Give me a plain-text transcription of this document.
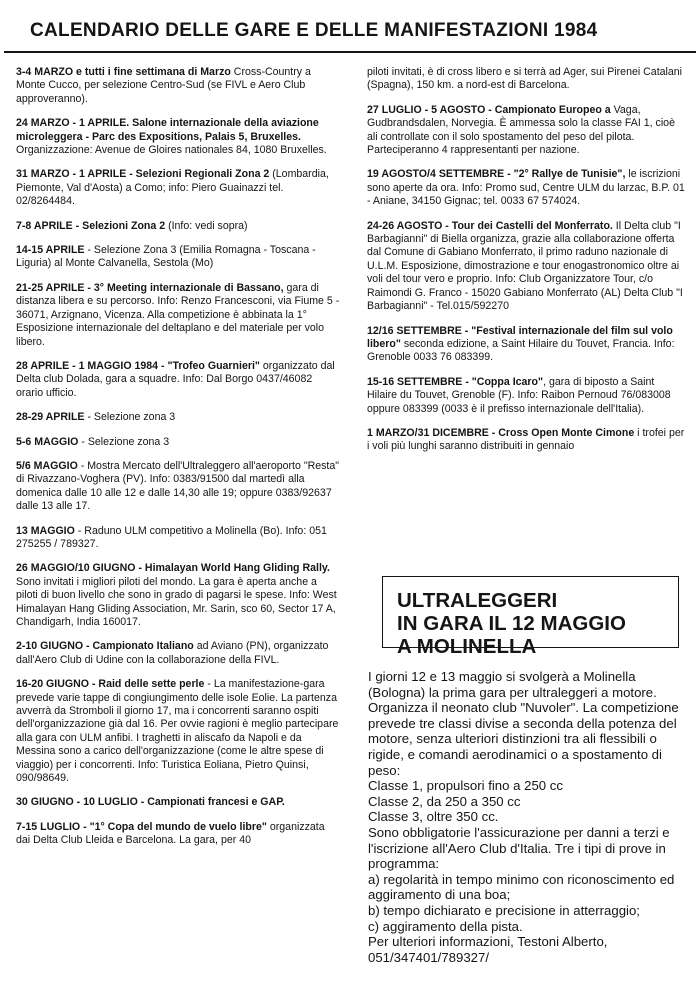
CALENDARIO DELLE GARE E DELLE MANIFESTAZIONI 1984

3-4 MARZO e tutti i fine settimana di Marzo Cross-Country a Monte Cucco, per selezione Centro-Sud (se FIVL e Aero Club approveranno).

24 MARZO - 1 APRILE. Salone internazionale della aviazione microleggera - Parc des Expositions, Palais 5, Bruxelles. Organizzazione: Avenue de Gloires nationales 84, 1080 Bruxelles.

31 MARZO - 1 APRILE - Selezioni Regionali Zona 2 (Lombardia, Piemonte, Val d'Aosta) a Como; info: Piero Guainazzi tel. 02/8264484.

7-8 APRILE - Selezioni Zona 2 (Info: vedi sopra)

14-15 APRILE - Selezione Zona 3 (Emilia Romagna - Toscana - Liguria) al Monte Calvanella, Sestola (Mo)

21-25 APRILE - 3° Meeting internazionale di Bassano, gara di distanza libera e su percorso. Info: Renzo Francesconi, via Fiume 5 - 36071, Arzignano, Vicenza. Alla competizione è abbinata la 1° Esposizione internazionale del deltaplano e del materiale per volo libero.

28 APRILE - 1 MAGGIO 1984 - "Trofeo Guarnieri" organizzato dal Delta club Dolada, gara a squadre. Info: Dal Borgo 0437/46082 orario ufficio.

28-29 APRILE - Selezione zona 3

5-6 MAGGIO - Selezione zona 3

5/6 MAGGIO - Mostra Mercato dell'Ultraleggero all'aeroporto "Resta" di Rivazzano-Voghera (PV). Info: 0383/91500 dal martedì alla domenica dalle 10 alle 12 e dalle 14,30 alle 19; oppure 0383/92637 dalle 13 alle 17.

13 MAGGIO - Raduno ULM competitivo a Molinella (Bo). Info: 051 275255 / 789327.

26 MAGGIO/10 GIUGNO - Himalayan World Hang Gliding Rally. Sono invitati i migliori piloti del mondo. La gara è aperta anche a piloti di buon livello che sono in grado di pagarsi le spese. Info: West Himalayan Hang Gliding Association, Mr. Sarin, sco 60, Sector 17 A, Chandigarh, India 160017.

2-10 GIUGNO - Campionato Italiano ad Aviano (PN), organizzato dall'Aero Club di Udine con la collaborazione della FIVL.

16-20 GIUGNO - Raid delle sette perle - La manifestazione-gara prevede varie tappe di congiungimento delle isole Eolie. La partenza avverrà da Stromboli il giorno 17, ma i concorrenti saranno ospiti dell'organizzazione già dal 16. Per ovvie ragioni è meglio partecipare alla gara con ULM anfibi. I traghetti in aliscafo da Napoli e da Messina sono a carico dell'organizzazione (come le altre spese di viaggio) per i concorrenti. Info: Turistica Eoliana, Pietro Quinsi, 090/98649.

30 GIUGNO - 10 LUGLIO - Campionati francesi e GAP.

7-15 LUGLIO - "1° Copa del mundo de vuelo libre" organizzata dai Delta Club Lleida e Barcelona. La gara, per 40

piloti invitati, è di cross libero e si terrà ad Ager, sui Pirenei Catalani (Spagna), 150 km. a nord-est di Barcelona.

27 LUGLIO - 5 AGOSTO - Campionato Europeo a Vaga, Gudbrandsdalen, Norvegia. È ammessa solo la classe FAI 1, cioè ali controllate con il solo spostamento del peso del pilota. Parteciperanno 4 rappresentanti per nazione.

19 AGOSTO/4 SETTEMBRE - "2° Rallye de Tunisie", le iscrizioni sono aperte da ora. Info: Promo sud, Centre ULM du larzac, B.P. 01 - Aniane, 34150 Gignac; tel. 0033 67 574024.

24-26 AGOSTO - Tour dei Castelli del Monferrato. Il Delta club "I Barbagianni" di Biella organizza, grazie alla collaborazione offerta dal Comune di Gabiano Monferrato, il primo raduno nazionale di U.L.M. Esposizione, dimostrazione e tour enogastronomico oltre ai voli del tour vero e proprio. Info: Club Organizzatore Tour, c/o Raimondi G. Franco - 15020 Gabiano Monferrato (AL) Delta Club "I Barbagianni" - Tel.015/592270

12/16 SETTEMBRE - "Festival internazionale del film sul volo libero" seconda edizione, a Saint Hilaire du Touvet, Francia. Info: Grenoble 0033 76 083399.

15-16 SETTEMBRE - "Coppa Icaro", gara di biposto a Saint Hilaire du Touvet, Grenoble (F). Info: Raibon Pernoud 76/083008 oppure 083399 (0033 è il prefisso internazionale dell'Italia).

1 MARZO/31 DICEMBRE - Cross Open Monte Cimone i trofei per i voli più lunghi saranno distribuiti in gennaio

ULTRALEGGERI
IN GARA IL 12 MAGGIO
A MOLINELLA

I giorni 12 e 13 maggio si svolgerà a Molinella (Bologna) la prima gara per ultraleggeri a motore. Organizza il neonato club "Nuvoler". La competizione prevede tre classi divise a seconda della potenza del motore, senza ulteriori distinzioni tra ali flessibili o rigide, e comandi aerodinamici o a spostamento di peso:

Classe 1, propulsori fino a 250 cc
Classe 2, da 250 a 350 cc
Classe 3, oltre 350 cc.

Sono obbligatorie l'assicurazione per danni a terzi e l'iscrizione all'Aero Club d'Italia. Tre i tipi di prove in programma:

a) regolarità in tempo minimo con riconoscimento ed aggiramento di una boa;
b) tempo dichiarato e precisione in atterraggio;
c) aggiramento della pista.

Per ulteriori informazioni, Testoni Alberto, 051/347401/789327/
